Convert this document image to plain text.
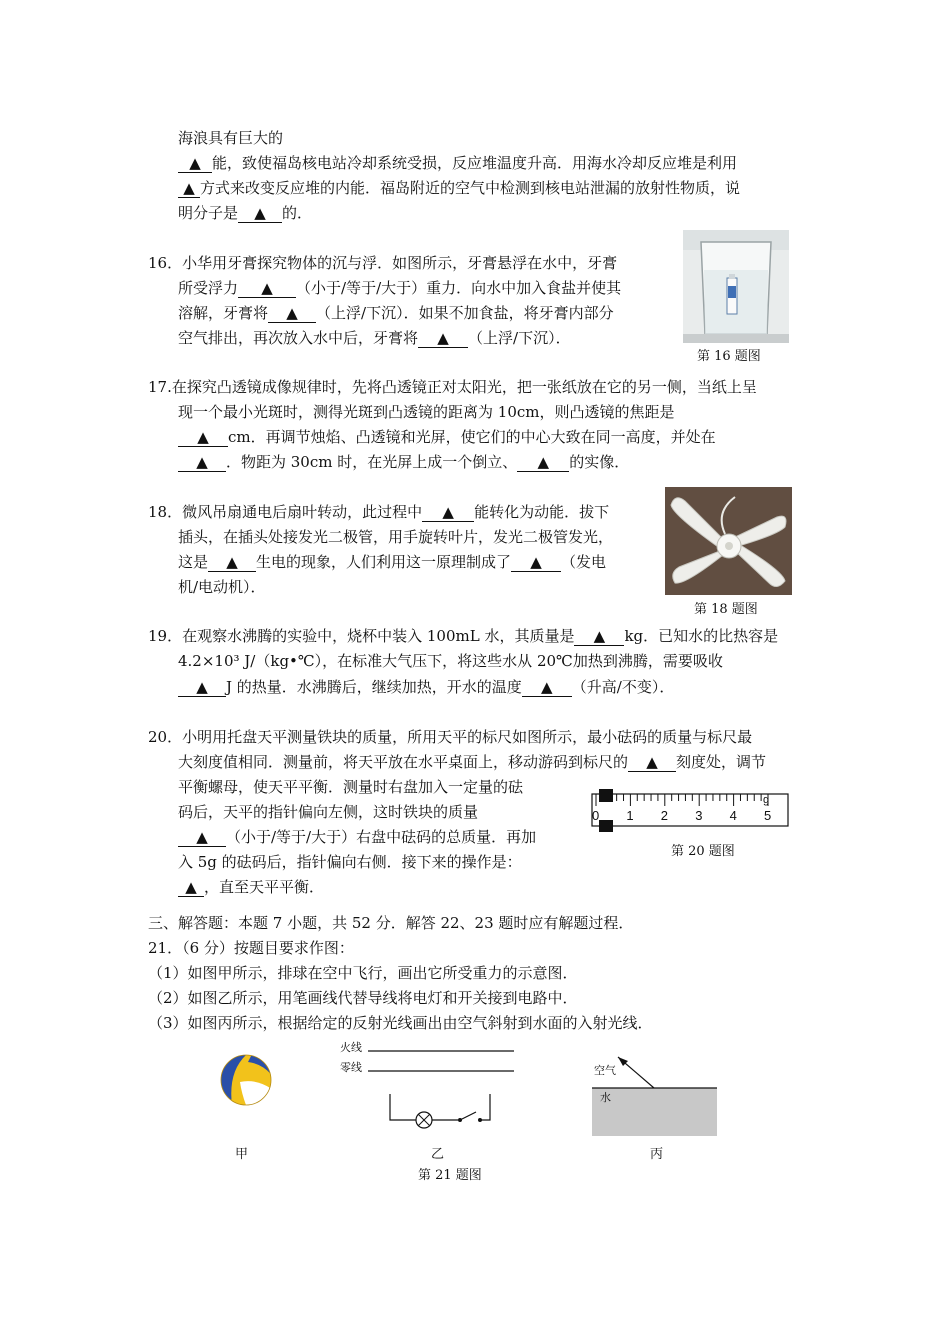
海浪具有巨大的
▲ 能，致使福岛核电站冷却系统受损，反应堆温度升高．用海水冷却反应堆是利用
▲ 方式来改变反应堆的内能．福岛附近的空气中检测到核电站泄漏的放射性物质，说
明分子是 ▲ 的．
16．小华用牙膏探究物体的沉与浮．如图所示，牙膏悬浮在水中，牙膏
所受浮力 ▲ （小于/等于/大于）重力．向水中加入食盐并使其
溶解，牙膏将 ▲ （上浮/下沉）．如果不加食盐，将牙膏内部分
空气排出，再次放入水中后，牙膏将 ▲ （上浮/下沉）．
第 16 题图
17.在探究凸透镜成像规律时，先将凸透镜正对太阳光，把一张纸放在它的另一侧，当纸上呈
现一个最小光斑时，测得光斑到凸透镜的距离为 10cm，则凸透镜的焦距是
▲ cm．再调节烛焰、凸透镜和光屏，使它们的中心大致在同一高度，并处在
▲ ．物距为 30cm 时，在光屏上成一个倒立、 ▲ 的实像．
18．微风吊扇通电后扇叶转动，此过程中 ▲ 能转化为动能．拔下
插头，在插头处接发光二极管，用手旋转叶片，发光二极管发光，
这是 ▲ 生电的现象，人们利用这一原理制成了 ▲ （发电
机/电动机）．
第 18 题图
19．在观察水沸腾的实验中，烧杯中装入 100mL 水，其质量是 ▲ kg．已知水的比热容是
4.2×10³ J/（kg•℃），在标准大气压下，将这些水从 20℃加热到沸腾，需要吸收
▲ J 的热量．水沸腾后，继续加热，开水的温度 ▲ （升高/不变）．
20．小明用托盘天平测量铁块的质量，所用天平的标尺如图所示，最小砝码的质量与标尺最
大刻度值相同．测量前，将天平放在水平桌面上，移动游码到标尺的 ▲ 刻度处，调节
平衡螺母，使天平平衡．测量时右盘加入一定量的砝
码后，天平的指针偏向左侧，这时铁块的质量
▲ （小于/等于/大于）右盘中砝码的总质量．再加
入 5g 的砝码后，指针偏向右侧．接下来的操作是：
▲ ，直至天平平衡．
0 1 2 3 4 5
g
第 20 题图
三、解答题：本题 7 小题，共 52 分．解答 22、23 题时应有解题过程．
21．（6 分）按题目要求作图：
（1）如图甲所示，排球在空中飞行，画出它所受重力的示意图．
（2）如图乙所示，用笔画线代替导线将电灯和开关接到电路中．
（3）如图丙所示，根据给定的反射光线画出由空气斜射到水面的入射光线．
甲
火线
零线
乙
空气
水
丙
第 21 题图
